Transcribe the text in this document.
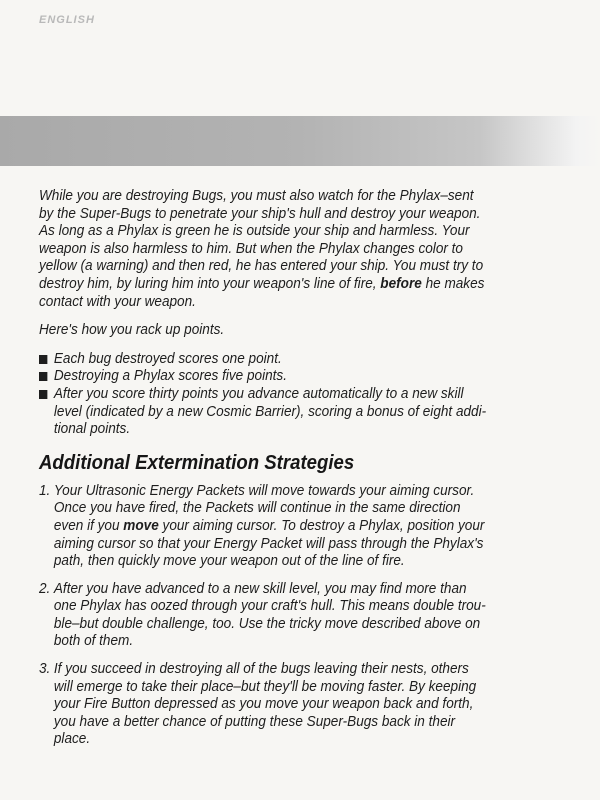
ENGLISH

While you are destroying Bugs, you must also watch for the Phylax–sent
by the Super-Bugs to penetrate your ship's hull and destroy your weapon.
As long as a Phylax is green he is outside your ship and harmless. Your
weapon is also harmless to him. But when the Phylax changes color to
yellow (a warning) and then red, he has entered your ship. You must try to
destroy him, by luring him into your weapon's line of fire, before he makes
contact with your weapon.

Here's how you rack up points.

Each bug destroyed scores one point.
Destroying a Phylax scores five points.
After you score thirty points you advance automatically to a new skill
level (indicated by a new Cosmic Barrier), scoring a bonus of eight addi-
tional points.
Additional Extermination Strategies
1. Your Ultrasonic Energy Packets will move towards your aiming cursor.
Once you have fired, the Packets will continue in the same direction
even if you move your aiming cursor. To destroy a Phylax, position your
aiming cursor so that your Energy Packet will pass through the Phylax's
path, then quickly move your weapon out of the line of fire.
2. After you have advanced to a new skill level, you may find more than
one Phylax has oozed through your craft's hull. This means double trou-
ble–but double challenge, too. Use the tricky move described above on
both of them.
3. If you succeed in destroying all of the bugs leaving their nests, others
will emerge to take their place–but they'll be moving faster. By keeping
your Fire Button depressed as you move your weapon back and forth,
you have a better chance of putting these Super-Bugs back in their
place.
